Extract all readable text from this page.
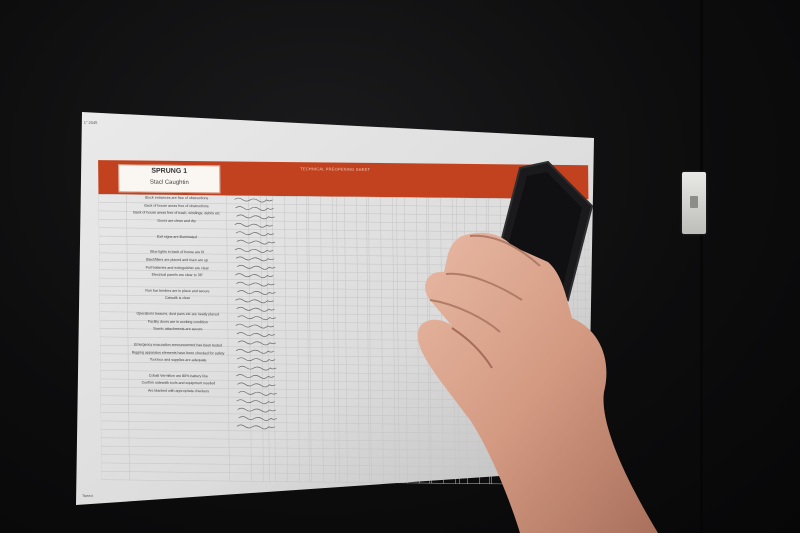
SPRUNG 1
Stacl Caughtin
TECHNICAL PREOPENING SHEET
Stock entrances are free of obstructions
Back of house areas free of obstructions
Back of house areas free of trash, windings, debris etc
Doors are clean and dry
Exit signs are illuminated
Blue lights in back of house are lit
Blackfillers are placed and risen are up
Pull batteries and extinguisher are clear
Electrical panels are clear to 36"
Run bar tenders are in place and secure
Catwalk is clear
Operations lessons, dust pans etc are neatly placed
Facility doors are in working condition
Scenic attachments are secure
Emergency evacuation announcement has been tested
Rigging apparatus elements have been checked for safety
Tool box and supplies are adequate
Cobalt Vermilion are 80% battery line
Confirm sidewalk tools and equipment needed
Are blanked with appropriate checkers
1" 2045
Tseed
